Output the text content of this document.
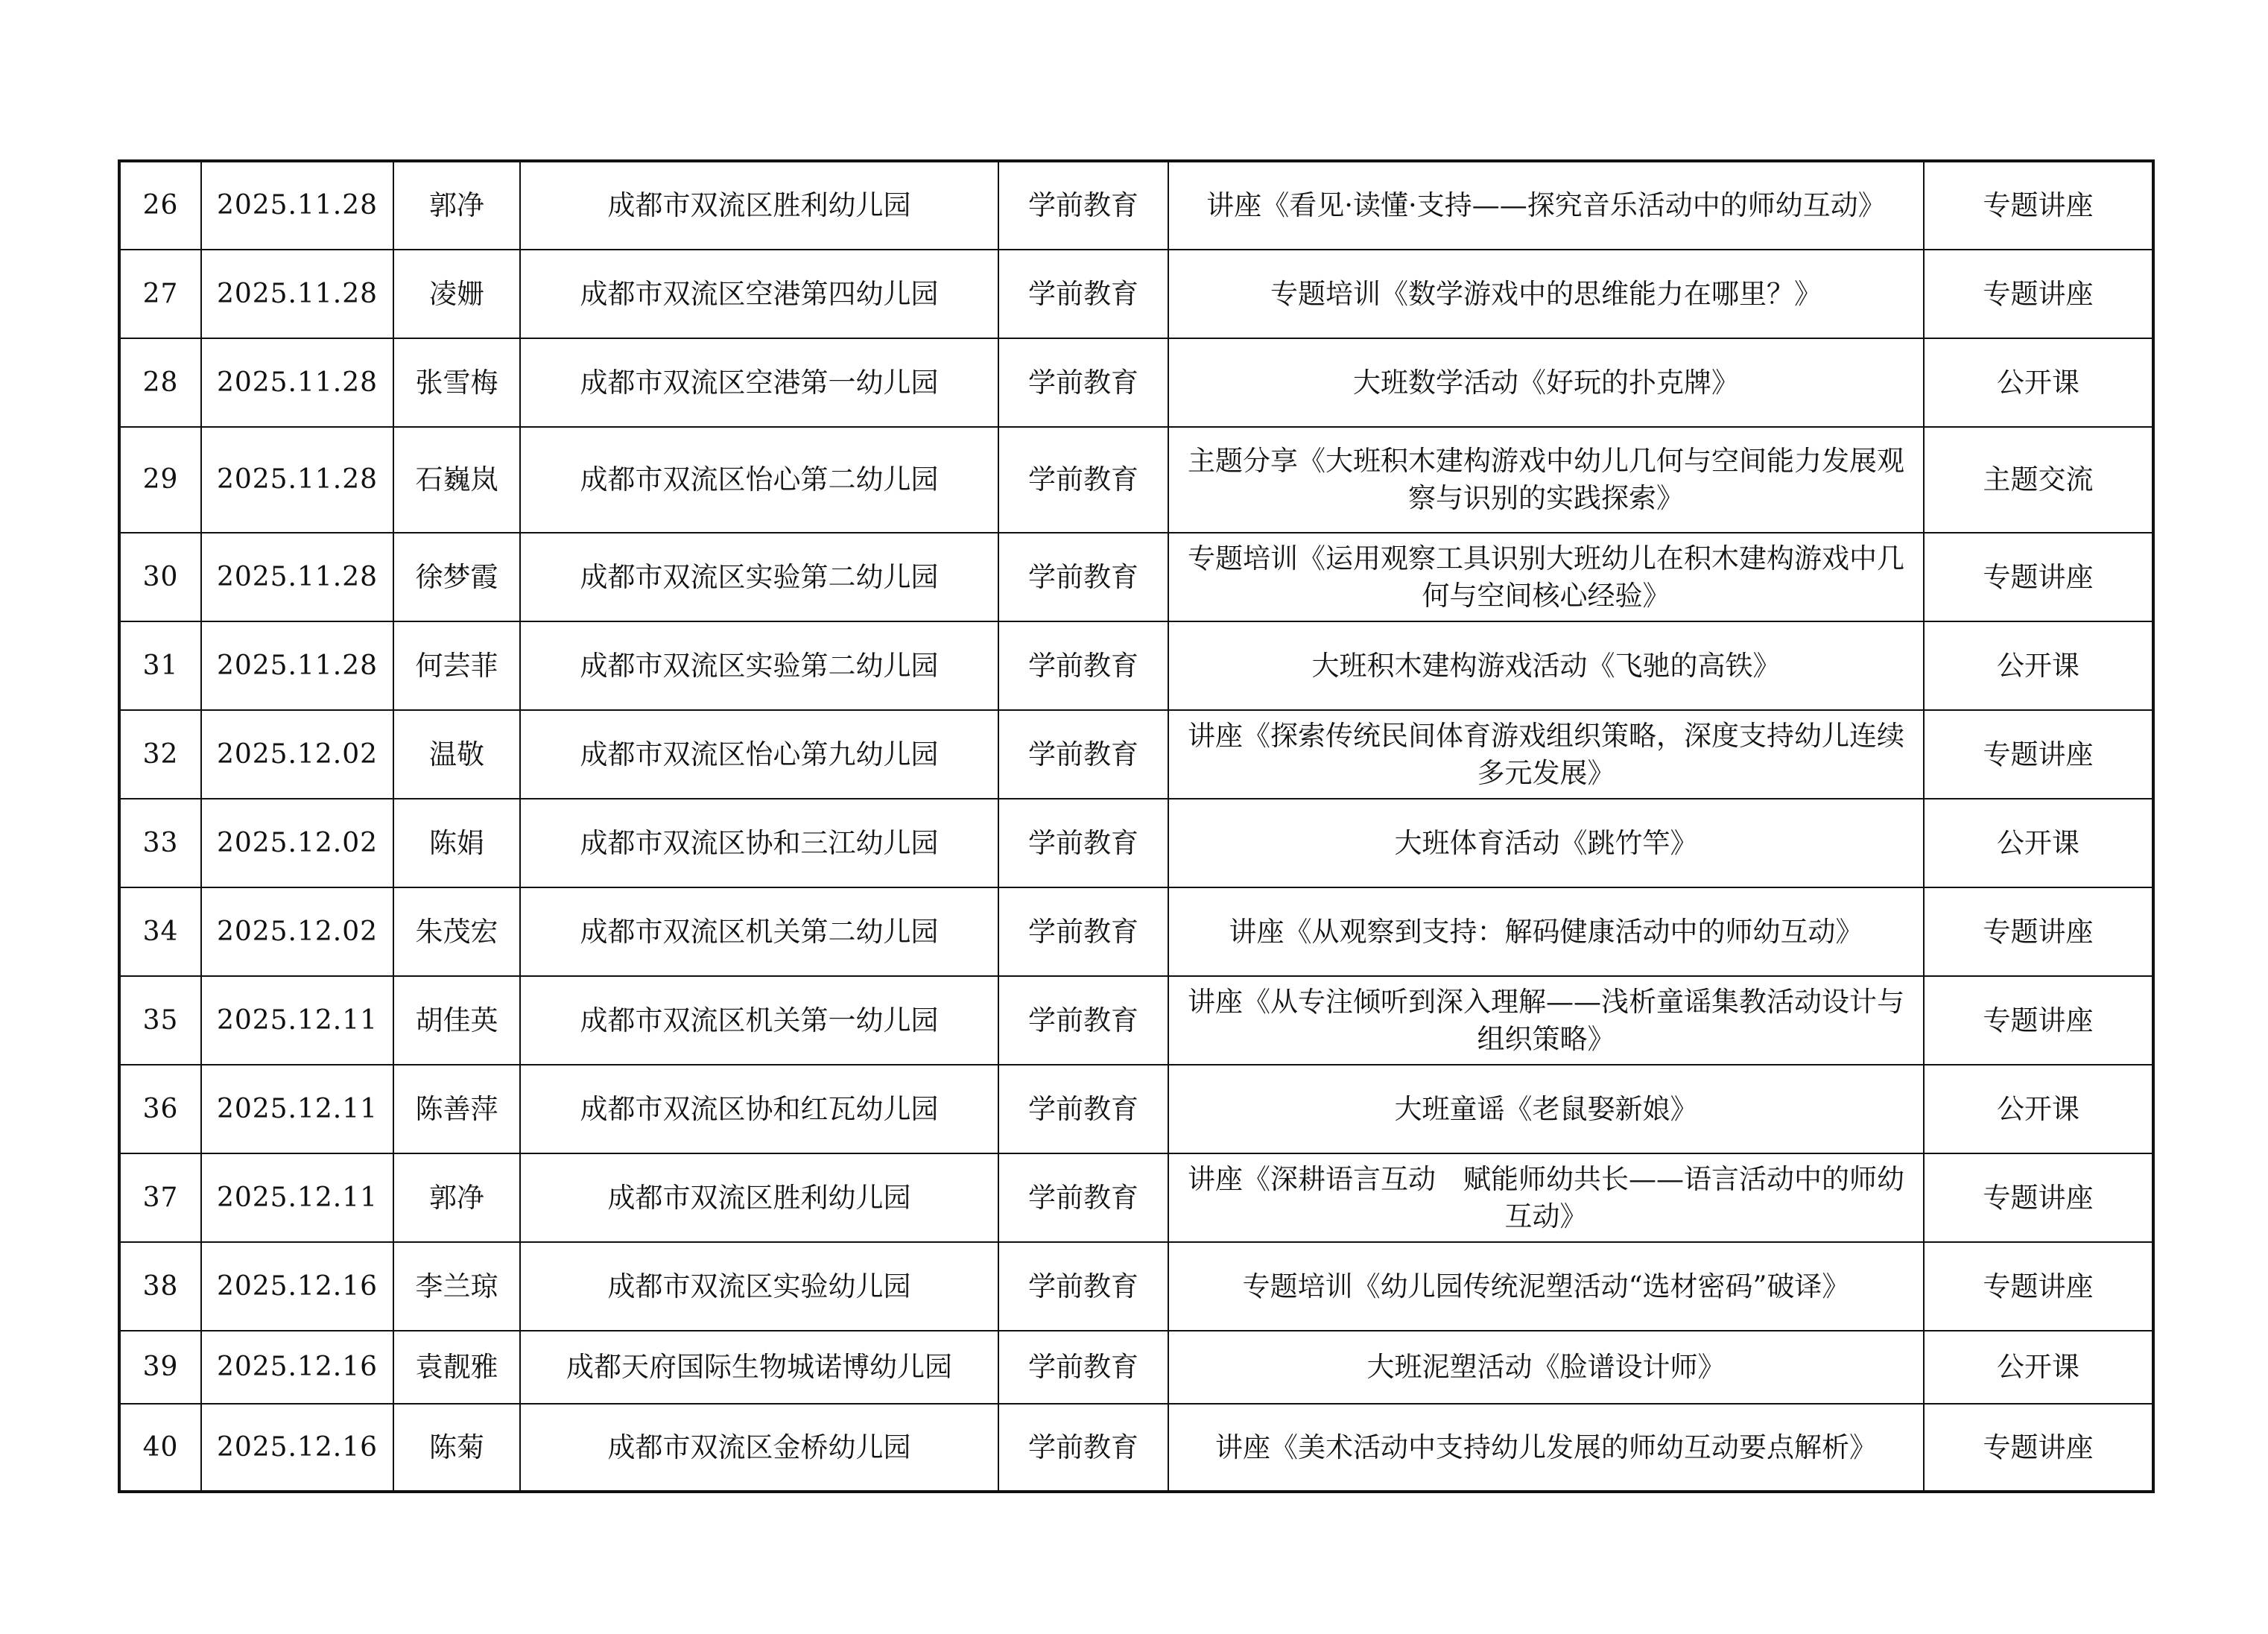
26	2025.11.28	郭净	成都市双流区胜利幼儿园	学前教育	讲座《看见·读懂·支持——探究音乐活动中的师幼互动》	专题讲座
27	2025.11.28	凌姗	成都市双流区空港第四幼儿园	学前教育	专题培训《数学游戏中的思维能力在哪里？》	专题讲座
28	2025.11.28	张雪梅	成都市双流区空港第一幼儿园	学前教育	大班数学活动《好玩的扑克牌》	公开课
29	2025.11.28	石巍岚	成都市双流区怡心第二幼儿园	学前教育	主题分享《大班积木建构游戏中幼儿几何与空间能力发展观察与识别的实践探索》	主题交流
30	2025.11.28	徐梦霞	成都市双流区实验第二幼儿园	学前教育	专题培训《运用观察工具识别大班幼儿在积木建构游戏中几何与空间核心经验》	专题讲座
31	2025.11.28	何芸菲	成都市双流区实验第二幼儿园	学前教育	大班积木建构游戏活动《飞驰的高铁》	公开课
32	2025.12.02	温敬	成都市双流区怡心第九幼儿园	学前教育	讲座《探索传统民间体育游戏组织策略，深度支持幼儿连续多元发展》	专题讲座
33	2025.12.02	陈娟	成都市双流区协和三江幼儿园	学前教育	大班体育活动《跳竹竿》	公开课
34	2025.12.02	朱茂宏	成都市双流区机关第二幼儿园	学前教育	讲座《从观察到支持：解码健康活动中的师幼互动》	专题讲座
35	2025.12.11	胡佳英	成都市双流区机关第一幼儿园	学前教育	讲座《从专注倾听到深入理解——浅析童谣集教活动设计与组织策略》	专题讲座
36	2025.12.11	陈善萍	成都市双流区协和红瓦幼儿园	学前教育	大班童谣《老鼠娶新娘》	公开课
37	2025.12.11	郭净	成都市双流区胜利幼儿园	学前教育	讲座《深耕语言互动　赋能师幼共长——语言活动中的师幼互动》	专题讲座
38	2025.12.16	李兰琼	成都市双流区实验幼儿园	学前教育	专题培训《幼儿园传统泥塑活动“选材密码”破译》	专题讲座
39	2025.12.16	袁靓雅	成都天府国际生物城诺博幼儿园	学前教育	大班泥塑活动《脸谱设计师》	公开课
40	2025.12.16	陈菊	成都市双流区金桥幼儿园	学前教育	讲座《美术活动中支持幼儿发展的师幼互动要点解析》	专题讲座
